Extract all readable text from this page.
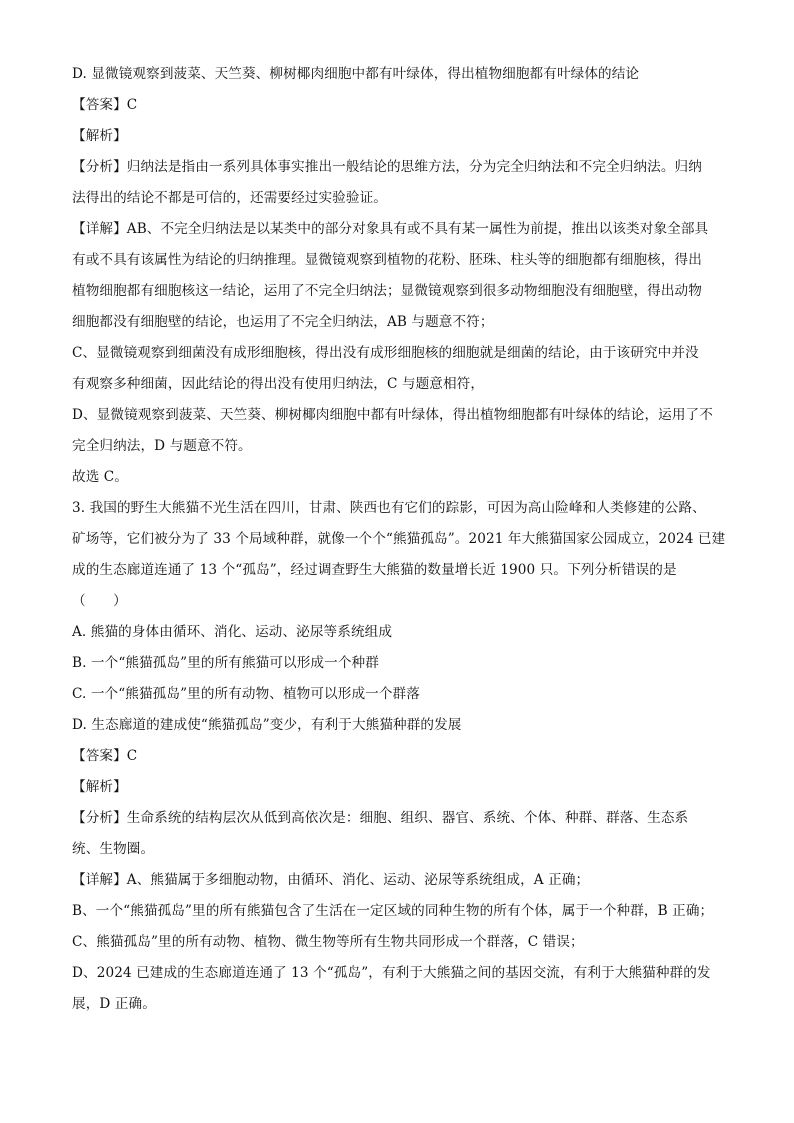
D. 显微镜观察到菠菜、天竺葵、柳树椰肉细胞中都有叶绿体，得出植物细胞都有叶绿体的结论

【答案】C

【解析】

【分析】归纳法是指由一系列具体事实推出一般结论的思维方法，分为完全归纳法和不完全归纳法。归纳

法得出的结论不都是可信的，还需要经过实验验证。

【详解】AB、不完全归纳法是以某类中的部分对象具有或不具有某一属性为前提，推出以该类对象全部具

有或不具有该属性为结论的归纳推理。显微镜观察到植物的花粉、胚珠、柱头等的细胞都有细胞核，得出

植物细胞都有细胞核这一结论，运用了不完全归纳法；显微镜观察到很多动物细胞没有细胞壁，得出动物

细胞都没有细胞壁的结论，也运用了不完全归纳法，AB 与题意不符；

C、显微镜观察到细菌没有成形细胞核，得出没有成形细胞核的细胞就是细菌的结论，由于该研究中并没

有观察多种细菌，因此结论的得出没有使用归纳法，C 与题意相符，

D、显微镜观察到菠菜、天竺葵、柳树椰肉细胞中都有叶绿体，得出植物细胞都有叶绿体的结论，运用了不

完全归纳法，D 与题意不符。

故选 C。

3. 我国的野生大熊猫不光生活在四川，甘肃、陕西也有它们的踪影，可因为高山险峰和人类修建的公路、

矿场等，它们被分为了 33 个局域种群，就像一个个“熊猫孤岛”。2021 年大熊猫国家公园成立，2024 已建

成的生态廊道连通了 13 个“孤岛”，经过调查野生大熊猫的数量增长近 1900 只。下列分析错误的是

（　　）

A. 熊猫的身体由循环、消化、运动、泌尿等系统组成

B. 一个“熊猫孤岛”里的所有熊猫可以形成一个种群

C. 一个“熊猫孤岛”里的所有动物、植物可以形成一个群落

D. 生态廊道的建成使“熊猫孤岛”变少，有利于大熊猫种群的发展

【答案】C

【解析】

【分析】生命系统的结构层次从低到高依次是：细胞、组织、器官、系统、个体、种群、群落、生态系

统、生物圈。

【详解】A、熊猫属于多细胞动物，由循环、消化、运动、泌尿等系统组成，A 正确；

B、一个“熊猫孤岛”里的所有熊猫包含了生活在一定区域的同种生物的所有个体，属于一个种群，B 正确；

C、熊猫孤岛”里的所有动物、植物、微生物等所有生物共同形成一个群落，C 错误；

D、2024 已建成的生态廊道连通了 13 个“孤岛”，有利于大熊猫之间的基因交流，有利于大熊猫种群的发

展，D 正确。
